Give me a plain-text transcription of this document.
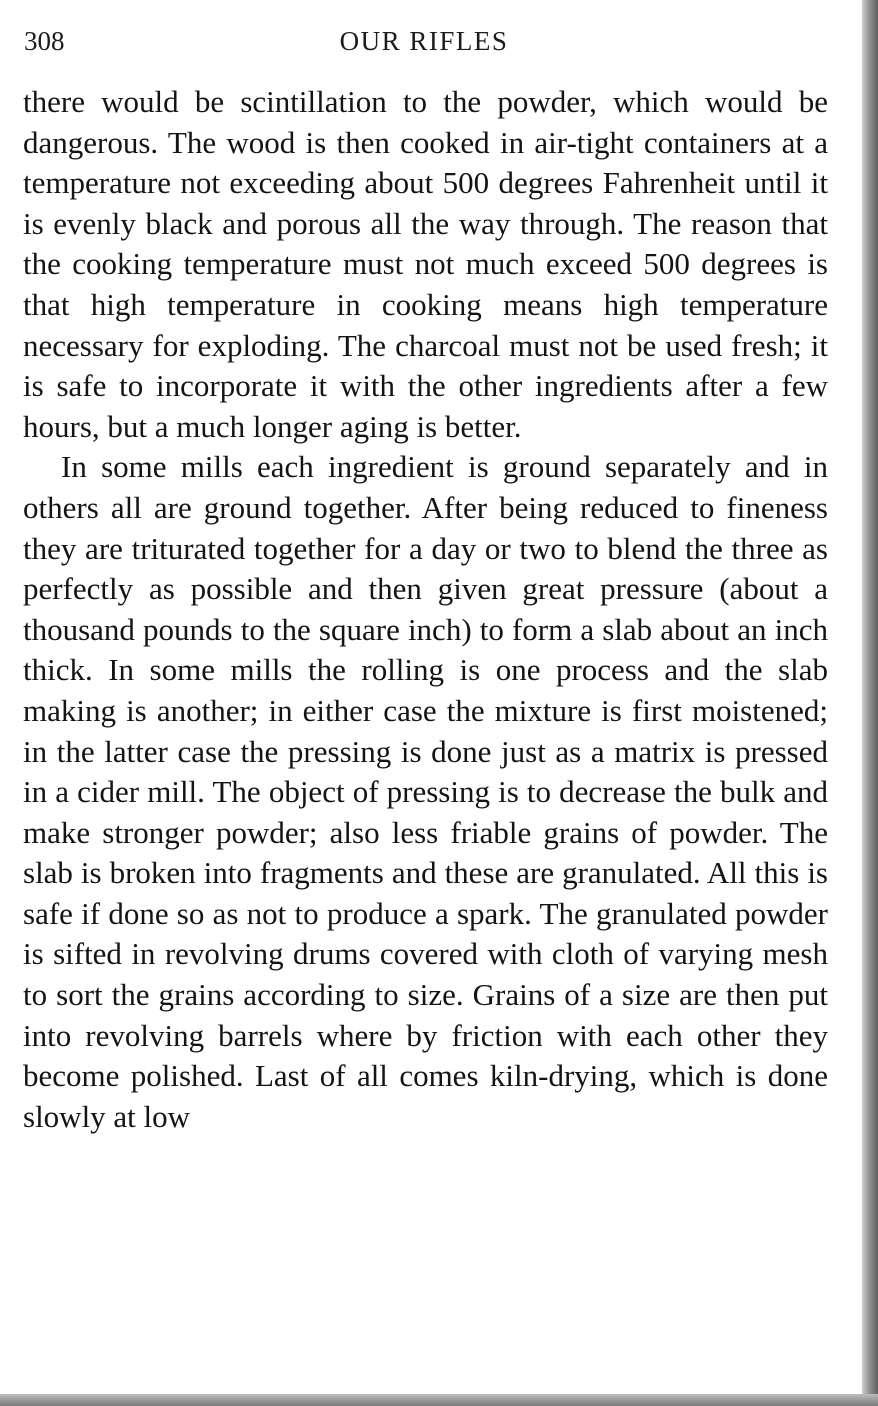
308	OUR RIFLES

there would be scintillation to the powder, which would be dangerous. The wood is then cooked in air-tight containers at a temperature not exceeding about 500 degrees Fahrenheit until it is evenly black and porous all the way through. The reason that the cooking temperature must not much exceed 500 degrees is that high temperature in cooking means high temperature necessary for exploding. The charcoal must not be used fresh; it is safe to incorporate it with the other ingredients after a few hours, but a much longer aging is better.

In some mills each ingredient is ground separately and in others all are ground together. After being reduced to fineness they are triturated together for a day or two to blend the three as perfectly as possible and then given great pressure (about a thousand pounds to the square inch) to form a slab about an inch thick. In some mills the rolling is one process and the slab making is another; in either case the mixture is first moistened; in the latter case the pressing is done just as a matrix is pressed in a cider mill. The object of pressing is to decrease the bulk and make stronger powder; also less friable grains of powder. The slab is broken into fragments and these are granulated. All this is safe if done so as not to produce a spark. The granulated powder is sifted in revolving drums covered with cloth of varying mesh to sort the grains according to size. Grains of a size are then put into revolving barrels where by friction with each other they become polished. Last of all comes kiln-drying, which is done slowly at low
